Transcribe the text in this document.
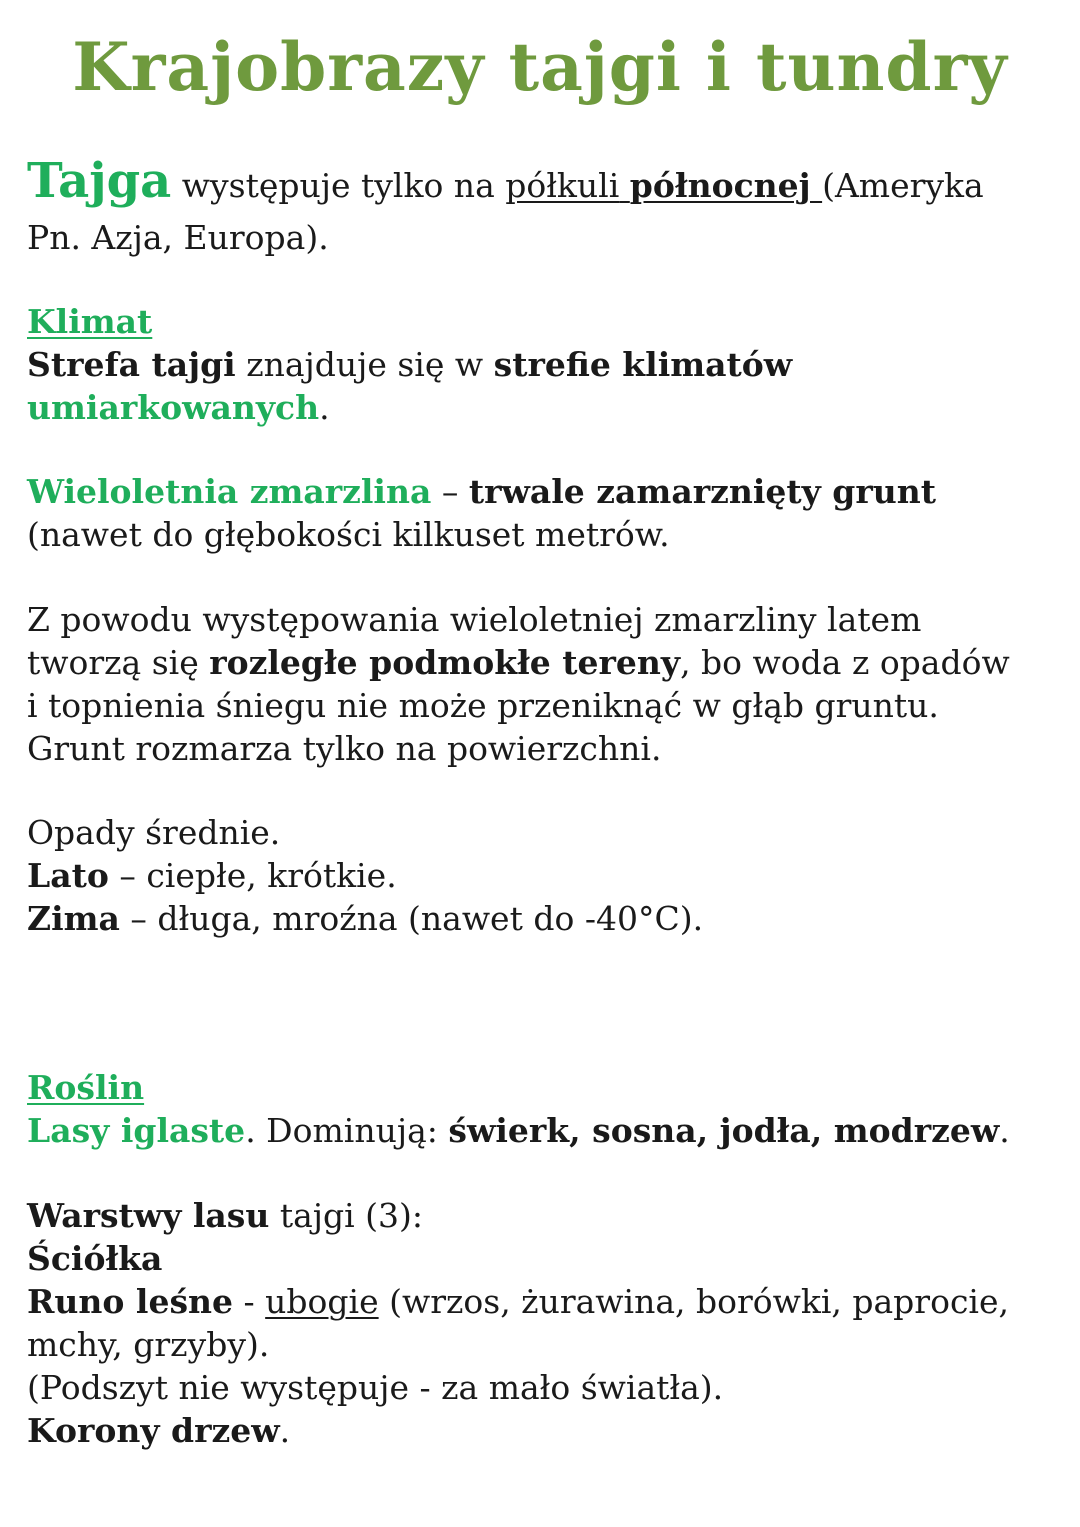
Krajobrazy tajgi i tundry
Tajga występuje tylko na półkuli północnej (Ameryka
Pn. Azja, Europa).
Klimat
Strefa tajgi znajduje się w strefie klimatów
umiarkowanych.
Wieloletnia zmarzlina – trwale zamarznięty grunt
(nawet do głębokości kilkuset metrów.
Z powodu występowania wieloletniej zmarzliny latem
tworzą się rozległe podmokłe tereny, bo woda z opadów
i topnienia śniegu nie może przeniknąć w głąb gruntu.
Grunt rozmarza tylko na powierzchni.
Opady średnie.
Lato – ciepłe, krótkie.
Zima – długa, mroźna (nawet do -40°C).
Roślin
Lasy iglaste. Dominują: świerk, sosna, jodła, modrzew.
Warstwy lasu tajgi (3):
Ściółka
Runo leśne - ubogie (wrzos, żurawina, borówki, paprocie,
mchy, grzyby).
(Podszyt nie występuje - za mało światła).
Korony drzew.
